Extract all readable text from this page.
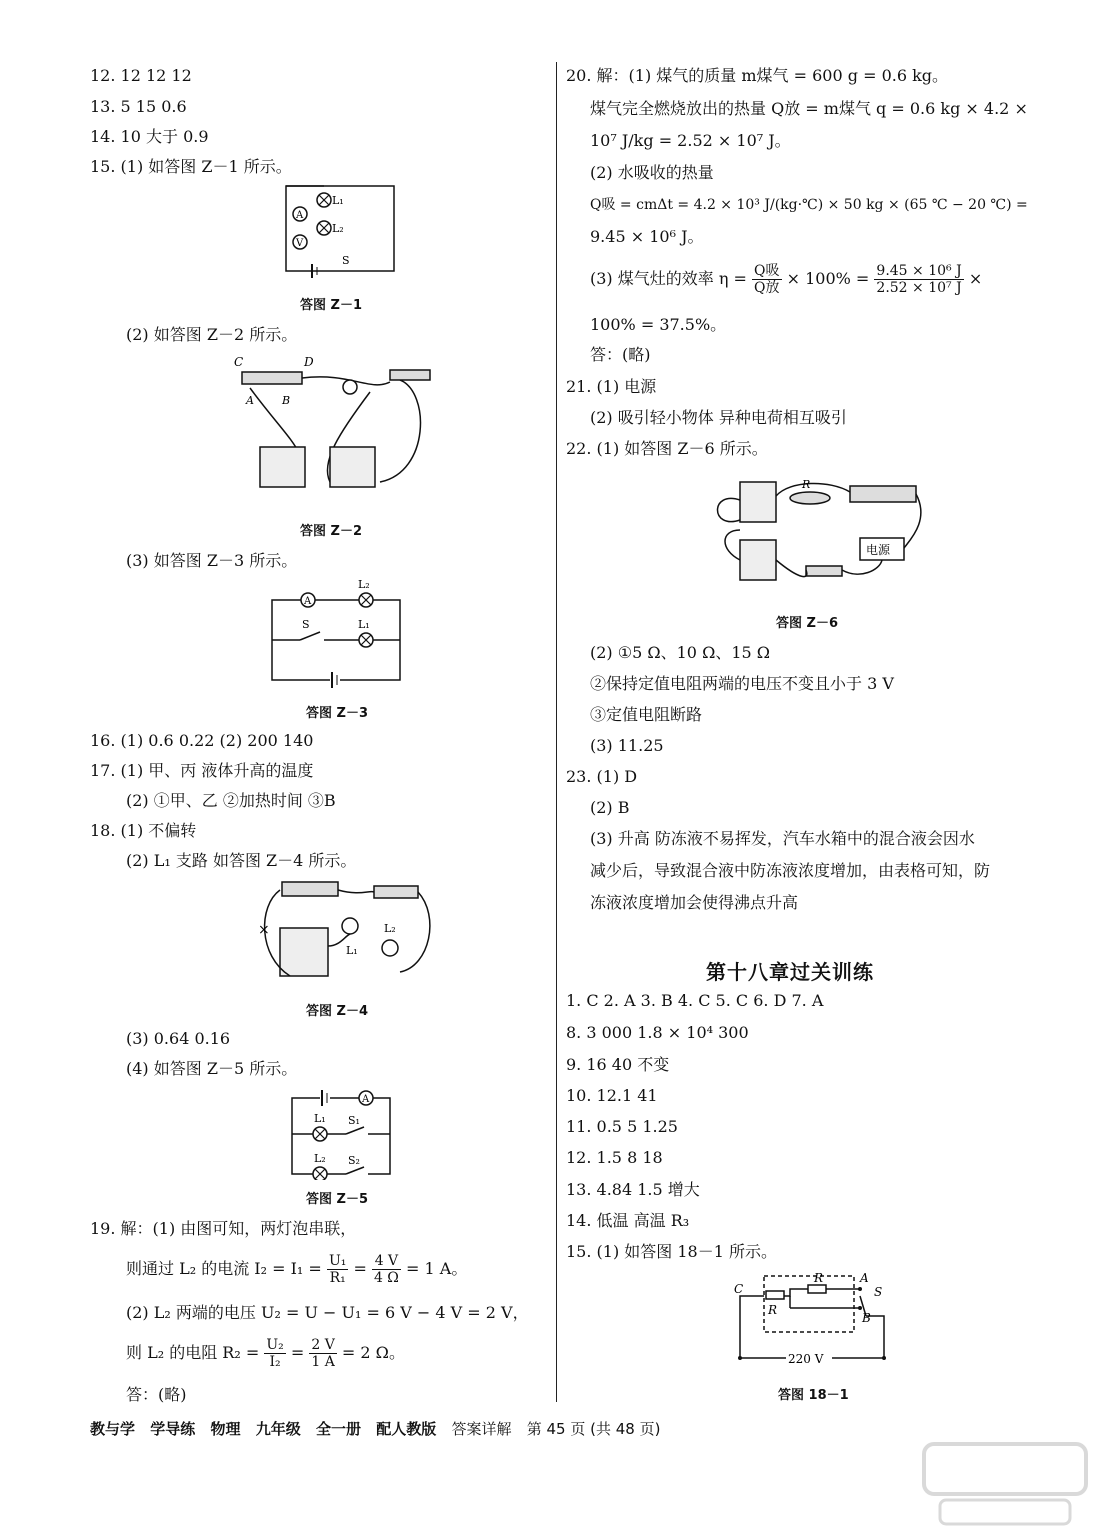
12. 12 12 12
13. 5 15 0.6
14. 10 大于 0.9
15. (1) 如答图 Z－1 所示。
L₁
L₂
A
V
S
答图 Z－1
(2) 如答图 Z－2 所示。
C	D
A	B
答图 Z－2
(3) 如答图 Z－3 所示。
A
L₂
L₁
S
答图 Z－3
16. (1) 0.6 0.22 (2) 200 140
17. (1) 甲、丙 液体升高的温度
(2) ①甲、乙 ②加热时间 ③B
18. (1) 不偏转
(2) L₁ 支路 如答图 Z－4 所示。
×
L₁
L₂
答图 Z－4
(3) 0.64 0.16
(4) 如答图 Z－5 所示。
A
L₁
L₂
S₁
S₂
答图 Z－5
19. 解：(1) 由图可知，两灯泡串联，
则通过 L₂ 的电流 $I_2 = I_1 = \frac{\text{U₁}}{\text{R₁}} = \frac{4 V}{4 \Omega} = 1$ A。
(2) L₂ 两端的电压 U₂ = U − U₁ = 6 V − 4 V = 2 V，
则 L₂ 的电阻 $R_2 = \frac{\text{U₂}}{\text{I₂}} = \frac{2 V}{1 A} = 2$ Ω。
答：(略)
20. 解：(1) 煤气的质量 m煤气 = 600 g = 0.6 kg。
煤气完全燃烧放出的热量 Q放 = m煤气 q = 0.6 kg × 4.2 ×
10⁷ J/kg = 2.52 × 10⁷ J。
(2) 水吸收的热量
Q吸 = cmΔt = 4.2 × 10³ J/(kg·℃) × 50 kg × (65 ℃ − 20 ℃) =
9.45 × 10⁶ J。
(3) 煤气灶的效率 $\eta = \frac{\text{Q吸}}{\text{Q放}} \times 100\% = \frac{\text{9.45 × 10⁶ J}}{\text{2.52 × 10⁷ J}}$ ×
100% = 37.5%。
答：(略)
21. (1) 电源
(2) 吸引轻小物体 异种电荷相互吸引
22. (1) 如答图 Z－6 所示。
R
电源
答图 Z－6
(2) ①5 Ω、10 Ω、15 Ω
②保持定值电阻两端的电压不变且小于 3 V
③定值电阻断路
(3) 11.25
23. (1) D
(2) B
(3) 升高 防冻液不易挥发，汽车水箱中的混合液会因水
减少后，导致混合液中防冻液浓度增加，由表格可知，防
冻液浓度增加会使得沸点升高
第十八章过关训练
1. C 2. A 3. B 4. C 5. C 6. D 7. A
8. 3 000 1.8 × 10⁴ 300
9. 16 40 不变
10. 12.1 41
11. 0.5 5 1.25
12. 1.5 8 18
13. 4.84 1.5 增大
14. 低温 高温 R₃
15. (1) 如答图 18－1 所示。
C
R
R
A
B
S
220 V
答图 18－1
教与学 学导练 物理 九年级 全一册 配人教版 答案详解 第 45 页 (共 48 页)
